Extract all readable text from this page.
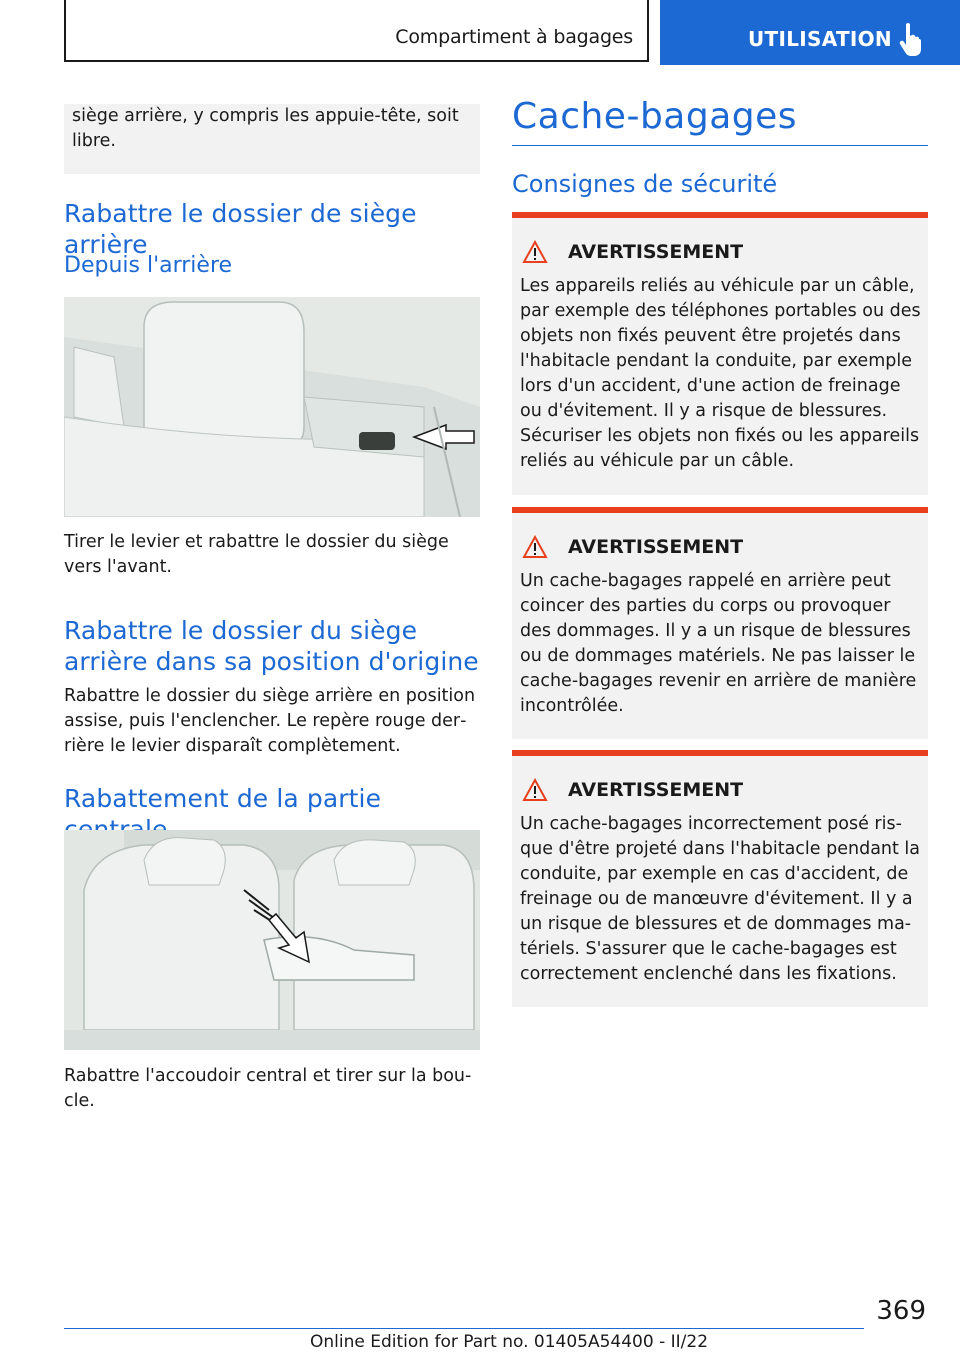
Compartiment à bagages	UTILISATION

siège arrière, y compris les appuie-tête, soit libre.

Rabattre le dossier de siège arrière
Depuis l'arrière

Tirer le levier et rabattre le dossier du siège vers l'avant.

Rabattre le dossier du siège arrière dans sa position d'origine

Rabattre le dossier du siège arrière en position assise, puis l'enclencher. Le repère rouge derrière le levier disparaît complètement.

Rabattement de la partie

Rabattre l'accoudoir central et tirer sur la boucle.

Cache-bagages
Consignes de sécurité
AVERTISSEMENT

Les appareils reliés au véhicule par un câble, par exemple des téléphones portables ou des objets non fixés peuvent être projetés dans l'habitacle pendant la conduite, par exemple lors d'un accident, d'une action de freinage ou d'évitement. Il y a risque de blessures. Sécuriser les objets non fixés ou les appareils reliés au véhicule par un câble.

AVERTISSEMENT

Un cache-bagages rappelé en arrière peut coincer des parties du corps ou provoquer des dommages. Il y a un risque de blessures ou de dommages matériels. Ne pas laisser le cache-bagages revenir en arrière de manière incontrôlée.

AVERTISSEMENT

Un cache-bagages incorrectement posé risque d'être projeté dans l'habitacle pendant la conduite, par exemple en cas d'accident, de freinage ou de manœuvre d'évitement. Il y a un risque de blessures et de dommages matériels. S'assurer que le cache-bagages est correctement enclenché dans les fixations.

369
Online Edition for Part no. 01405A54400 - II/22
